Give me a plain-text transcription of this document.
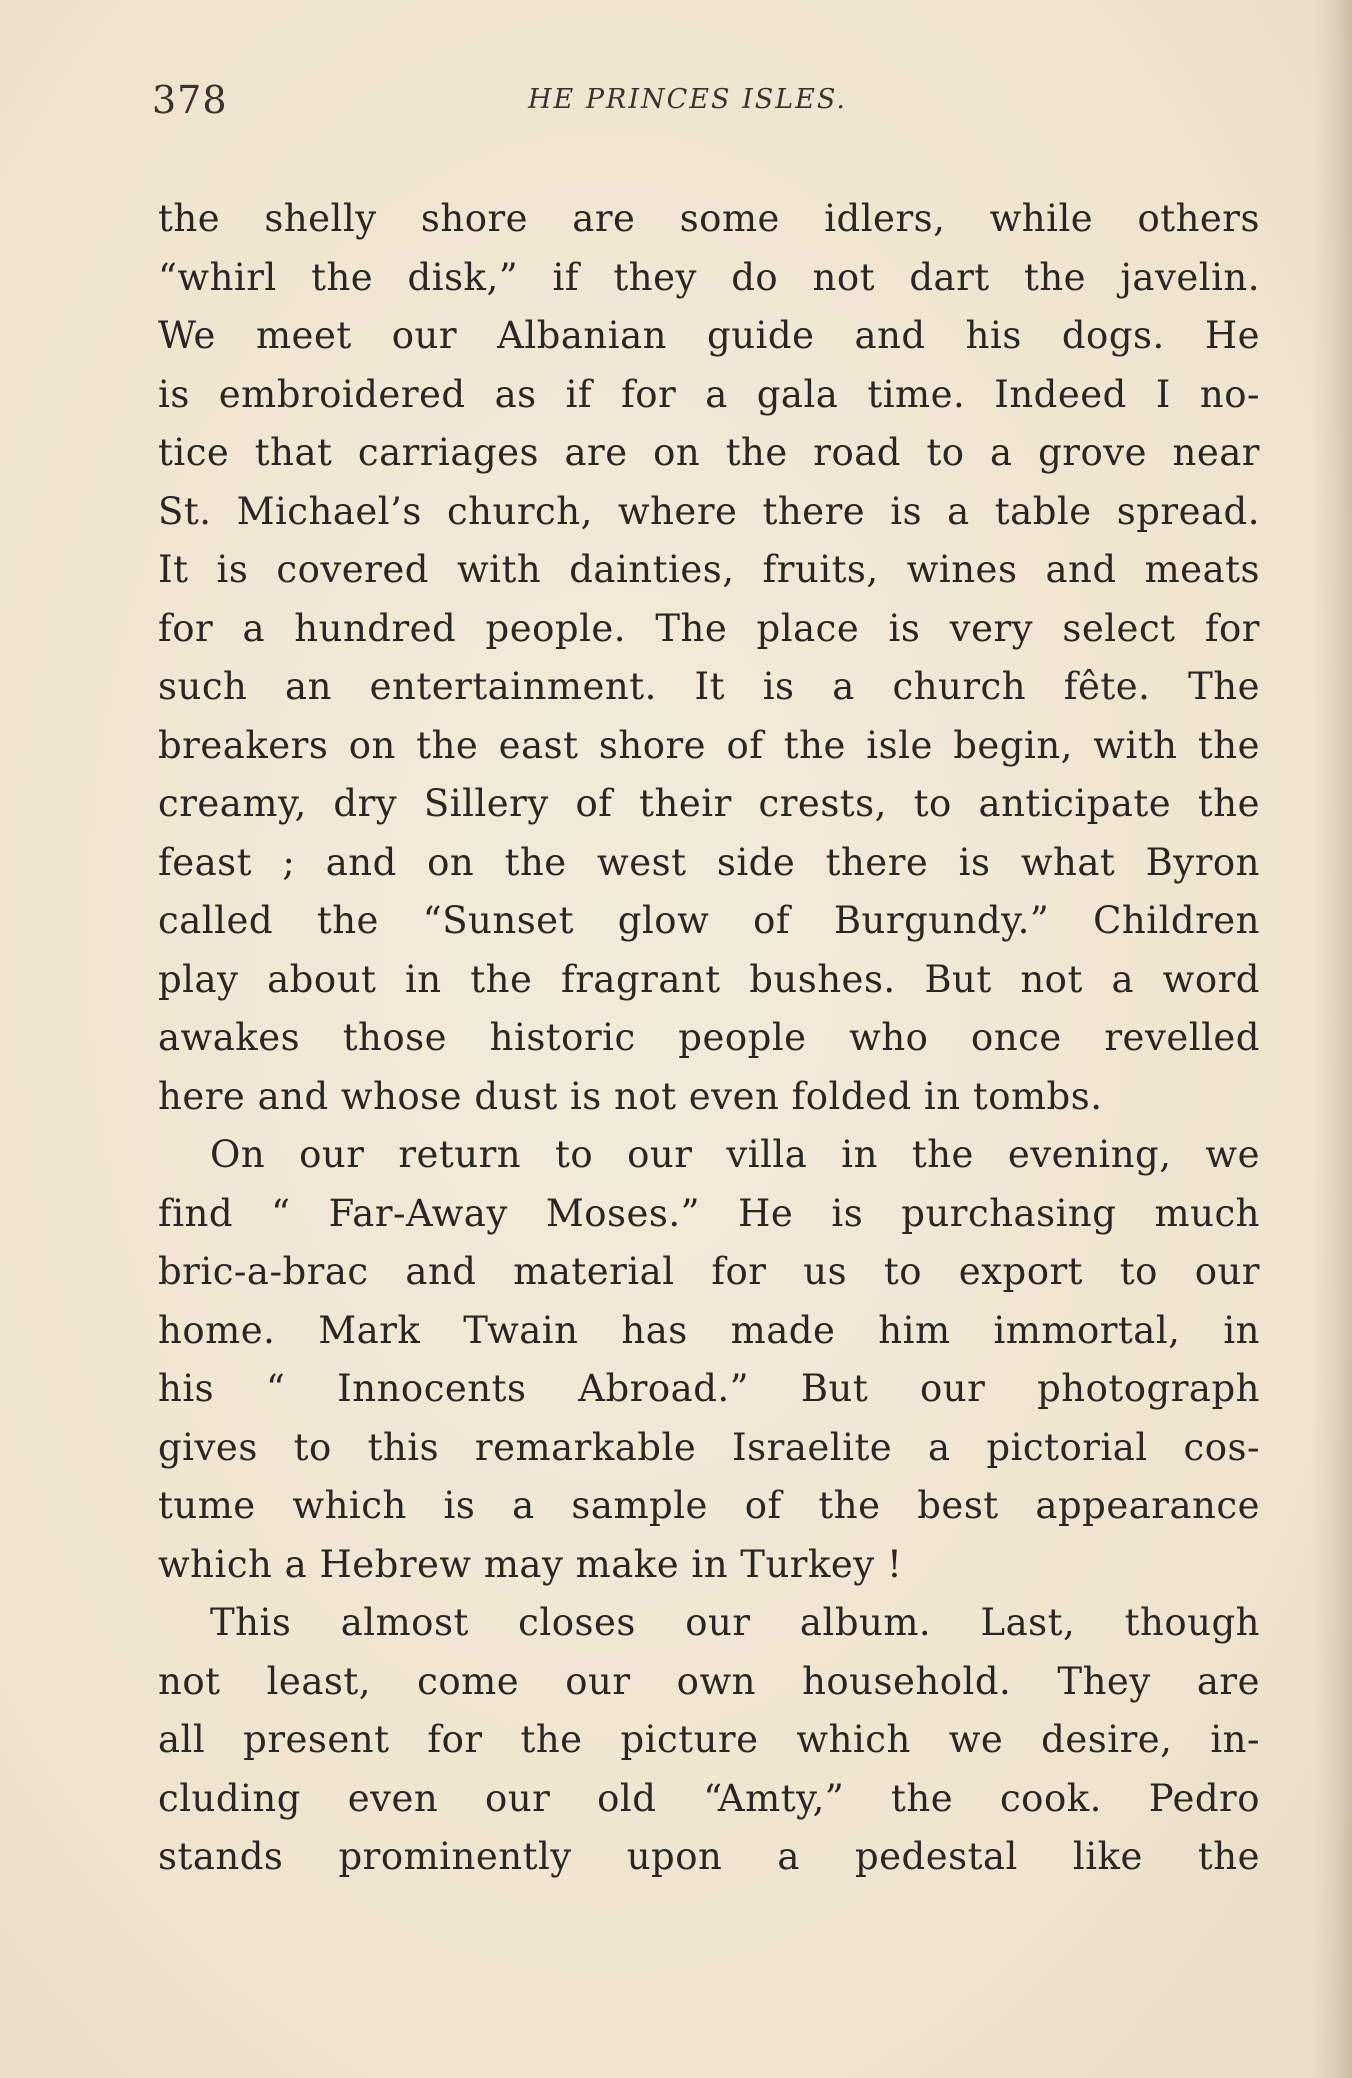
378	HE PRINCES ISLES.
the shelly shore are some idlers, while others
“whirl the disk,” if they do not dart the javelin.
We meet our Albanian guide and his dogs. He
is embroidered as if for a gala time. Indeed I no-
tice that carriages are on the road to a grove near
St. Michael’s church, where there is a table spread.
It is covered with dainties, fruits, wines and meats
for a hundred people. The place is very select for
such an entertainment. It is a church fête. The
breakers on the east shore of the isle begin, with the
creamy, dry Sillery of their crests, to anticipate the
feast ; and on the west side there is what Byron
called the “Sunset glow of Burgundy.” Children
play about in the fragrant bushes. But not a word
awakes those historic people who once revelled
here and whose dust is not even folded in tombs.
On our return to our villa in the evening, we
find “ Far-Away Moses.” He is purchasing much
bric-a-brac and material for us to export to our
home. Mark Twain has made him immortal, in
his “ Innocents Abroad.” But our photograph
gives to this remarkable Israelite a pictorial cos-
tume which is a sample of the best appearance
which a Hebrew may make in Turkey !
This almost closes our album. Last, though
not least, come our own household. They are
all present for the picture which we desire, in-
cluding even our old “Amty,” the cook. Pedro
stands prominently upon a pedestal like the
